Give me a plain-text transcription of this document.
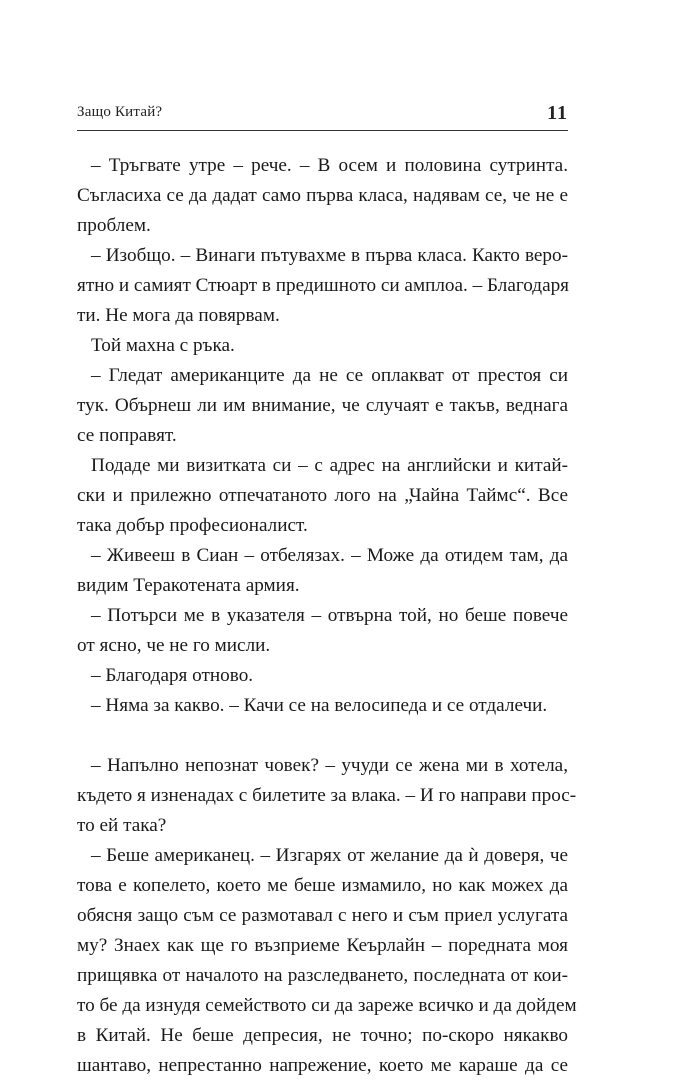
Защо Китай?	11
– Тръгвате утре – рече. – В осем и половина сутринта.
Съгласиха се да дадат само първа класа, надявам се, че не е
проблем.
– Изобщо. – Винаги пътувахме в първа класа. Както веро-
ятно и самият Стюарт в предишното си амплоа. – Благодаря
ти. Не мога да повярвам.
Той махна с ръка.
– Гледат американците да не се оплакват от престоя си
тук. Обърнеш ли им внимание, че случаят е такъв, веднага
се поправят.
Подаде ми визитката си – с адрес на английски и китай-
ски и прилежно отпечатаното лого на „Чайна Таймс“. Все
така добър професионалист.
– Живееш в Сиан – отбелязах. – Може да отидем там, да
видим Теракотената армия.
– Потърси ме в указателя – отвърна той, но беше повече
от ясно, че не го мисли.
– Благодаря отново.
– Няма за какво. – Качи се на велосипеда и се отдалечи.
– Напълно непознат човек? – учуди се жена ми в хотела,
където я изненадах с билетите за влака. – И го направи прос-
то ей така?
– Беше американец. – Изгарях от желание да ѝ доверя, че
това е копелето, което ме беше измамило, но как можех да
обясня защо съм се размотавал с него и съм приел услугата
му? Знаех как ще го възприеме Кеърлайн – поредната моя
прищявка от началото на разследването, последната от кои-
то бе да изнудя семейството си да зареже всичко и да дойдем
в Китай. Не беше депресия, не точно; по-скоро някакво
шантаво, непрестанно напрежение, което ме караше да се
